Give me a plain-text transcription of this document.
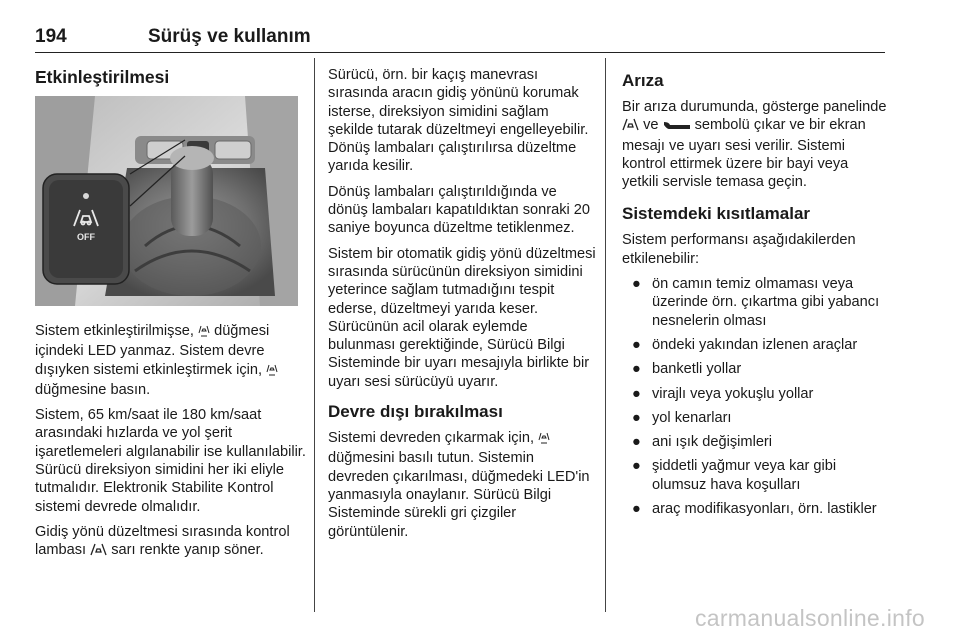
194	Sürüş ve kullanım
Etkinleştirilmesi
OFF

Sistem etkinleştirilmişse, düğmesi içindeki LED yanmaz. Sistem devre dışıyken sistemi etkinleştirmek için,  düğmesine basın.

Sistem, 65 km/saat ile 180 km/saat arasındaki hızlarda ve yol şerit işaretlemeleri algılanabilir ise kullanılabilir. Sürücü direksiyon simidini her iki eliyle tutmalıdır. Elektronik Stabilite Kontrol sistemi devrede olmalıdır.

Gidiş yönü düzeltmesi sırasında kontrol lambası sarı renkte yanıp söner.

Sürücü, örn. bir kaçış manevrası sırasında aracın gidiş yönünü korumak isterse, direksiyon simidini sağlam şekilde tutarak düzeltmeyi engelleyebilir. Dönüş lambaları çalıştırılırsa düzeltme yarıda kesilir.

Dönüş lambaları çalıştırıldığında ve dönüş lambaları kapatıldıktan sonraki 20 saniye boyunca düzeltme tetiklenmez.

Sistem bir otomatik gidiş yönü düzeltmesi sırasında sürücünün direksiyon simidini yeterince sağlam tutmadığını tespit ederse, düzeltmeyi yarıda keser. Sürücünün acil olarak eylemde bulunması gerektiğinde, Sürücü Bilgi Sisteminde bir uyarı mesajıyla birlikte bir uyarı sesi sürücüyü uyarır.

Devre dışı bırakılması

Sistemi devreden çıkarmak için,  düğmesini basılı tutun. Sistemin devreden çıkarılması, düğmedeki LED'in yanmasıyla onaylanır. Sürücü Bilgi Sisteminde sürekli gri çizgiler görüntülenir.

Arıza

Bir arıza durumunda, gösterge panelinde  ve sembolü çıkar ve bir ekran mesajı ve uyarı sesi verilir. Sistemi kontrol ettirmek üzere bir bayi veya yetkili servisle temasa geçin.

Sistemdeki kısıtlamalar

Sistem performansı aşağıdakilerden etkilenebilir:

● ön camın temiz olmaması veya üzerinde örn. çıkartma gibi yabancı nesnelerin olması
● öndeki yakından izlenen araçlar
● banketli yollar
● virajlı veya yokuşlu yollar
● yol kenarları
● ani ışık değişimleri
● şiddetli yağmur veya kar gibi olumsuz hava koşulları
● araç modifikasyonları, örn. lastikler
carmanualsonline.info
